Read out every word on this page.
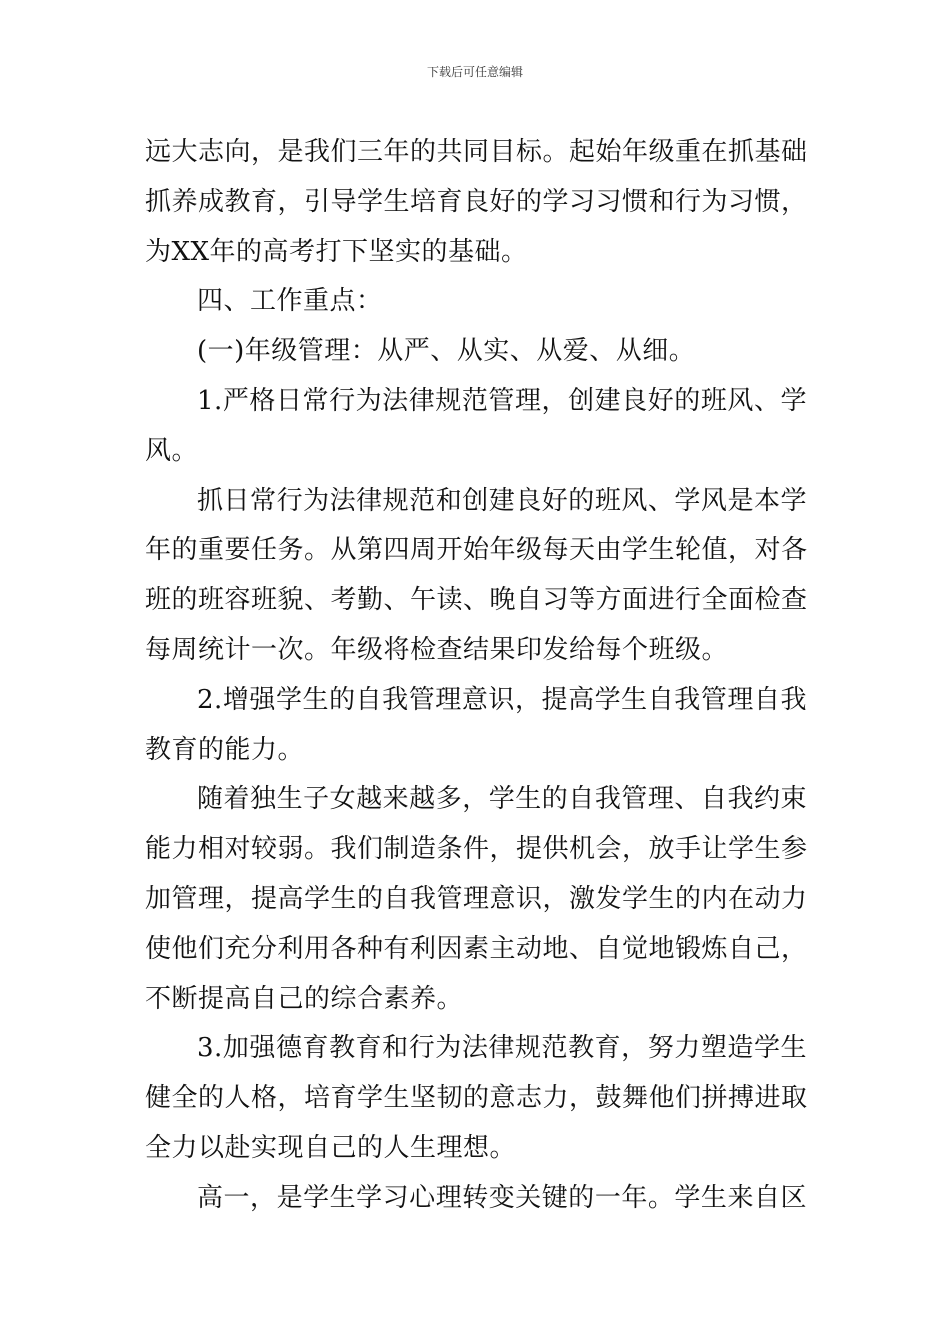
下载后可任意编辑
远大志向，是我们三年的共同目标。起始年级重在抓基础
抓养成教育，引导学生培育良好的学习习惯和行为习惯，
为XX年的高考打下坚实的基础。
四、工作重点：
(一)年级管理：从严、从实、从爱、从细。
1.严格日常行为法律规范管理，创建良好的班风、学
风。
抓日常行为法律规范和创建良好的班风、学风是本学
年的重要任务。从第四周开始年级每天由学生轮值，对各
班的班容班貌、考勤、午读、晚自习等方面进行全面检查
每周统计一次。年级将检查结果印发给每个班级。
2.增强学生的自我管理意识，提高学生自我管理自我
教育的能力。
随着独生子女越来越多，学生的自我管理、自我约束
能力相对较弱。我们制造条件，提供机会，放手让学生参
加管理，提高学生的自我管理意识，激发学生的内在动力
使他们充分利用各种有利因素主动地、自觉地锻炼自己，
不断提高自己的综合素养。
3.加强德育教育和行为法律规范教育，努力塑造学生
健全的人格，培育学生坚韧的意志力，鼓舞他们拼搏进取
全力以赴实现自己的人生理想。
高一，是学生学习心理转变关键的一年。学生来自区
